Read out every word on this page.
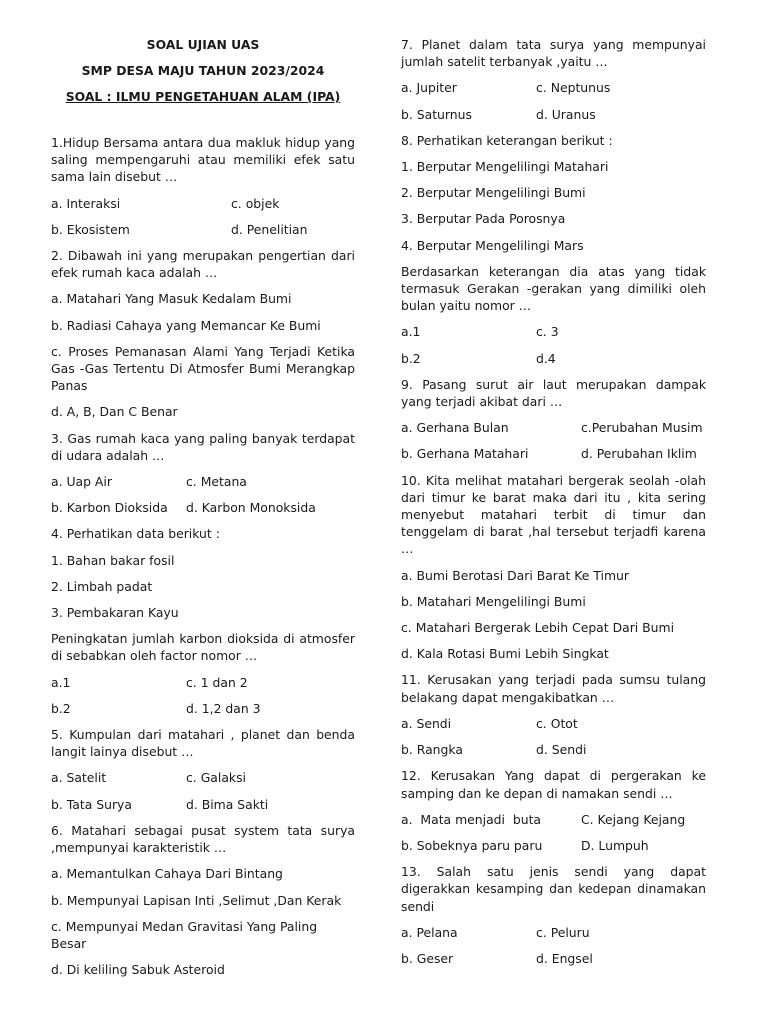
SOAL UJIAN UAS

SMP DESA MAJU TAHUN 2023/2024

SOAL : ILMU PENGETAHUAN ALAM (IPA)

1.Hidup Bersama antara dua makluk hidup yang saling mempengaruhi atau memiliki efek satu sama lain disebut …

a. Interaksi	c. objek
b. Ekosistem	d. Penelitian

2. Dibawah ini yang merupakan pengertian dari efek rumah kaca adalah …

a. Matahari Yang Masuk Kedalam Bumi

b. Radiasi Cahaya yang Memancar Ke Bumi

c. Proses Pemanasan Alami Yang Terjadi Ketika Gas -Gas Tertentu Di Atmosfer Bumi Merangkap Panas

d. A, B, Dan C Benar

3. Gas rumah kaca yang paling banyak terdapat di udara adalah …

a. Uap Air	c. Metana
b. Karbon Dioksida	d. Karbon Monoksida

4. Perhatikan data berikut :

1. Bahan bakar fosil

2. Limbah padat

3. Pembakaran Kayu

Peningkatan jumlah karbon dioksida di atmosfer di sebabkan oleh factor nomor …

a.1	c. 1 dan 2
b.2	d. 1,2 dan 3

5. Kumpulan dari matahari , planet dan benda langit lainya disebut …

a. Satelit	c. Galaksi
b. Tata Surya	d. Bima Sakti

6. Matahari sebagai pusat system tata surya ,mempunyai karakteristik …

a. Memantulkan Cahaya Dari Bintang

b. Mempunyai Lapisan Inti ,Selimut ,Dan Kerak

c. Mempunyai Medan Gravitasi Yang Paling Besar

d. Di keliling Sabuk Asteroid

7. Planet dalam tata surya yang mempunyai jumlah satelit terbanyak ,yaitu …

a. Jupiter	c. Neptunus
b. Saturnus	d. Uranus

8. Perhatikan keterangan berikut :

1. Berputar Mengelilingi Matahari

2. Berputar Mengelilingi Bumi

3. Berputar Pada Porosnya

4. Berputar Mengelilingi Mars

Berdasarkan keterangan dia atas yang tidak termasuk Gerakan -gerakan yang dimiliki oleh bulan yaitu nomor …

a.1	c. 3
b.2	d.4

9. Pasang surut air laut merupakan dampak yang terjadi akibat dari …

a. Gerhana Bulan	c.Perubahan Musim
b. Gerhana Matahari	d. Perubahan Iklim

10. Kita melihat matahari bergerak seolah -olah dari timur ke barat maka dari itu , kita sering menyebut matahari terbit di timur dan tenggelam di barat ,hal tersebut terjadfi karena …

a. Bumi Berotasi Dari Barat Ke Timur

b. Matahari Mengelilingi Bumi

c. Matahari Bergerak Lebih Cepat Dari Bumi

d. Kala Rotasi Bumi Lebih Singkat

11. Kerusakan yang terjadi pada sumsu tulang belakang dapat mengakibatkan …

a. Sendi	c. Otot
b. Rangka	d. Sendi

12. Kerusakan Yang dapat di pergerakan ke samping dan ke depan di namakan sendi …

a.  Mata menjadi  buta	C. Kejang Kejang
b. Sobeknya paru paru	D. Lumpuh

13. Salah satu jenis sendi yang dapat digerakkan kesamping dan kedepan dinamakan sendi

a. Pelana	c. Peluru
b. Geser	d. Engsel
